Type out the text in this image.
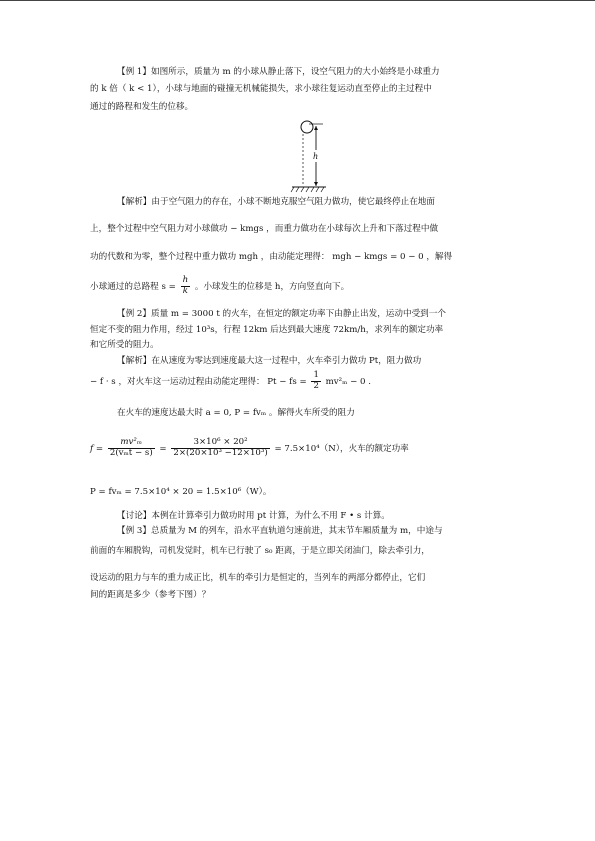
【例 1】如图所示，质量为 m 的小球从静止落下，设空气阻力的大小始终是小球重力
的 k 倍（ k < 1），小球与地面的碰撞无机械能损失，求小球往复运动直至停止的主过程中
通过的路程和发生的位移。
h
【解析】由于空气阻力的存在，小球不断地克服空气阻力做功，使它最终停止在地面
上，整个过程中空气阻力对小球做功 − kmgs ，而重力做功在小球每次上升和下落过程中做
功的代数和为零，整个过程中重力做功 mgh ，由动能定理得： mgh − kmgs = 0 − 0 ，解得
小球通过的总路程 $s = \frac{h}{k}$ 。小球发生的位移是 h，方向竖直向下。
【例 2】质量 m = 3000 t 的火车，在恒定的额定功率下由静止出发，运动中受到一个
恒定不变的阻力作用，经过 10³s，行程 12km 后达到最大速度 72km/h，求列车的额定功率
和它所受的阻力。
【解析】在从速度为零达到速度最大这一过程中，火车牵引力做功 Pt，阻力做功
− f · s ，对火车这一运动过程由动能定理得： Pt − fs = $\frac{1}{2} mv^2_m - 0$ .
在火车的速度达最大时 a = 0, P = fvₘ 。解得火车所受的阻力
$f = \frac{\text{mv²ₘ}}{\text{2(vₘt − s)}} = \frac{\text{3×10⁶ × 20²}}{\text{2×(20×10³ −12×10³)}} = 7.5\times 10^4(N)$，火车的额定功率
P = fvₘ = 7.5×10⁴ × 20 = 1.5×10⁶（W）。
【讨论】本例在计算牵引力做功时用 pt 计算，为什么不用 F • s 计算。
【例 3】总质量为 M 的列车，沿水平直轨道匀速前进，其末节车厢质量为 m，中途与
前面的车厢脱钩，司机发觉时，机车已行驶了 s₀ 距离，于是立即关闭油门，除去牵引力，
设运动的阻力与车的重力成正比，机车的牵引力是恒定的，当列车的两部分都停止，它们
间的距离是多少（参考下图）？
